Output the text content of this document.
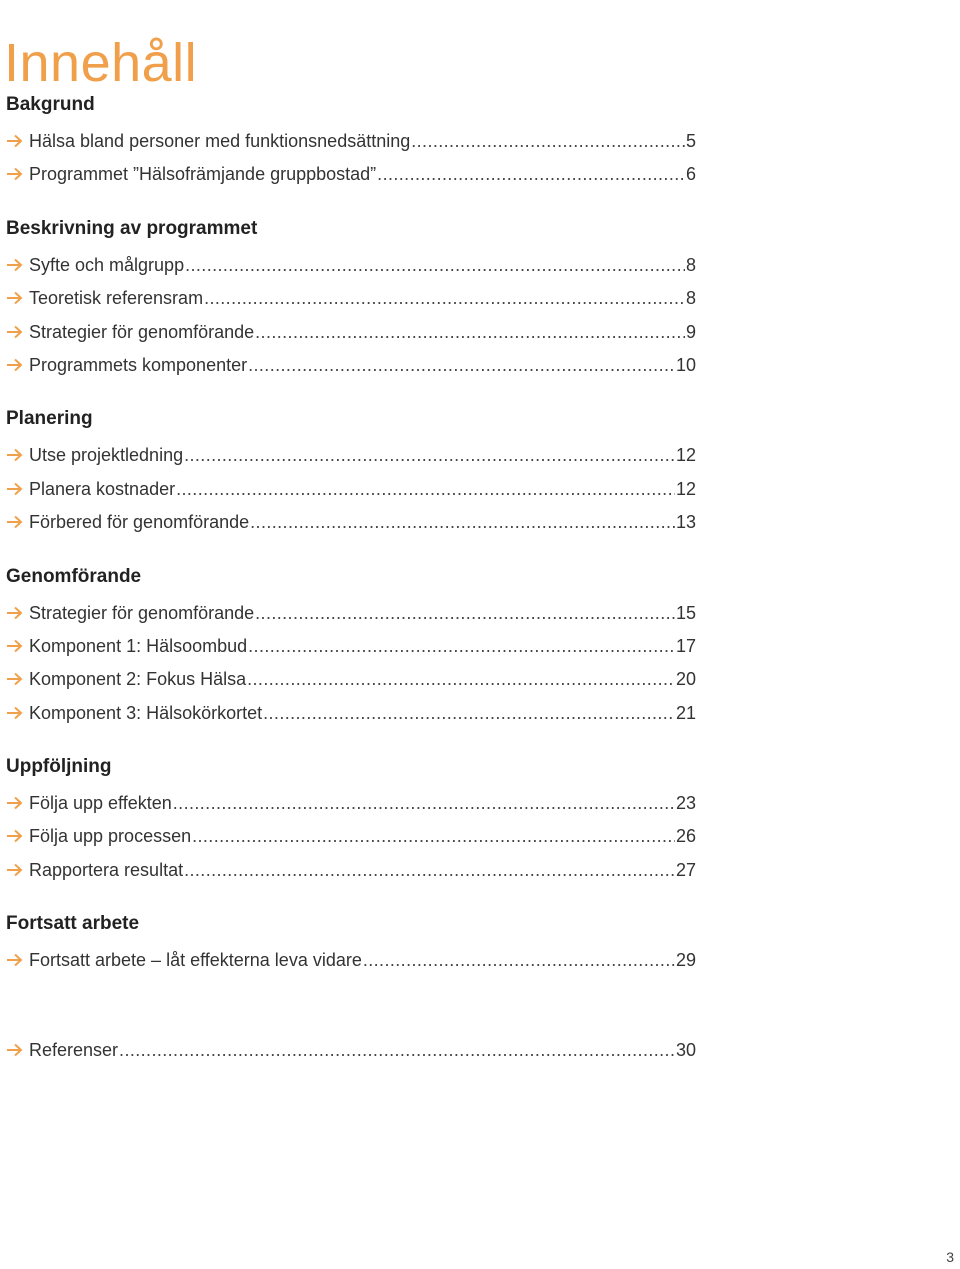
Innehåll
Bakgrund
Hälsa bland personer med funktionsnedsättning .....	5
Programmet ”Hälsofrämjande gruppbostad” .....	6
Beskrivning av programmet
Syfte och målgrupp .....	8
Teoretisk referensram .....	8
Strategier för genomförande .....	9
Programmets komponenter .....	10
Planering
Utse projektledning .....	12
Planera kostnader .....	12
Förbered för genomförande .....	13
Genomförande
Strategier för genomförande .....	15
Komponent 1: Hälsoombud .....	17
Komponent 2: Fokus Hälsa .....	20
Komponent 3: Hälsokörkortet .....	21
Uppföljning
Följa upp effekten .....	23
Följa upp processen .....	26
Rapportera resultat .....	27
Fortsatt arbete
Fortsatt arbete – låt effekterna leva vidare .....	29
Referenser .....	30
3
